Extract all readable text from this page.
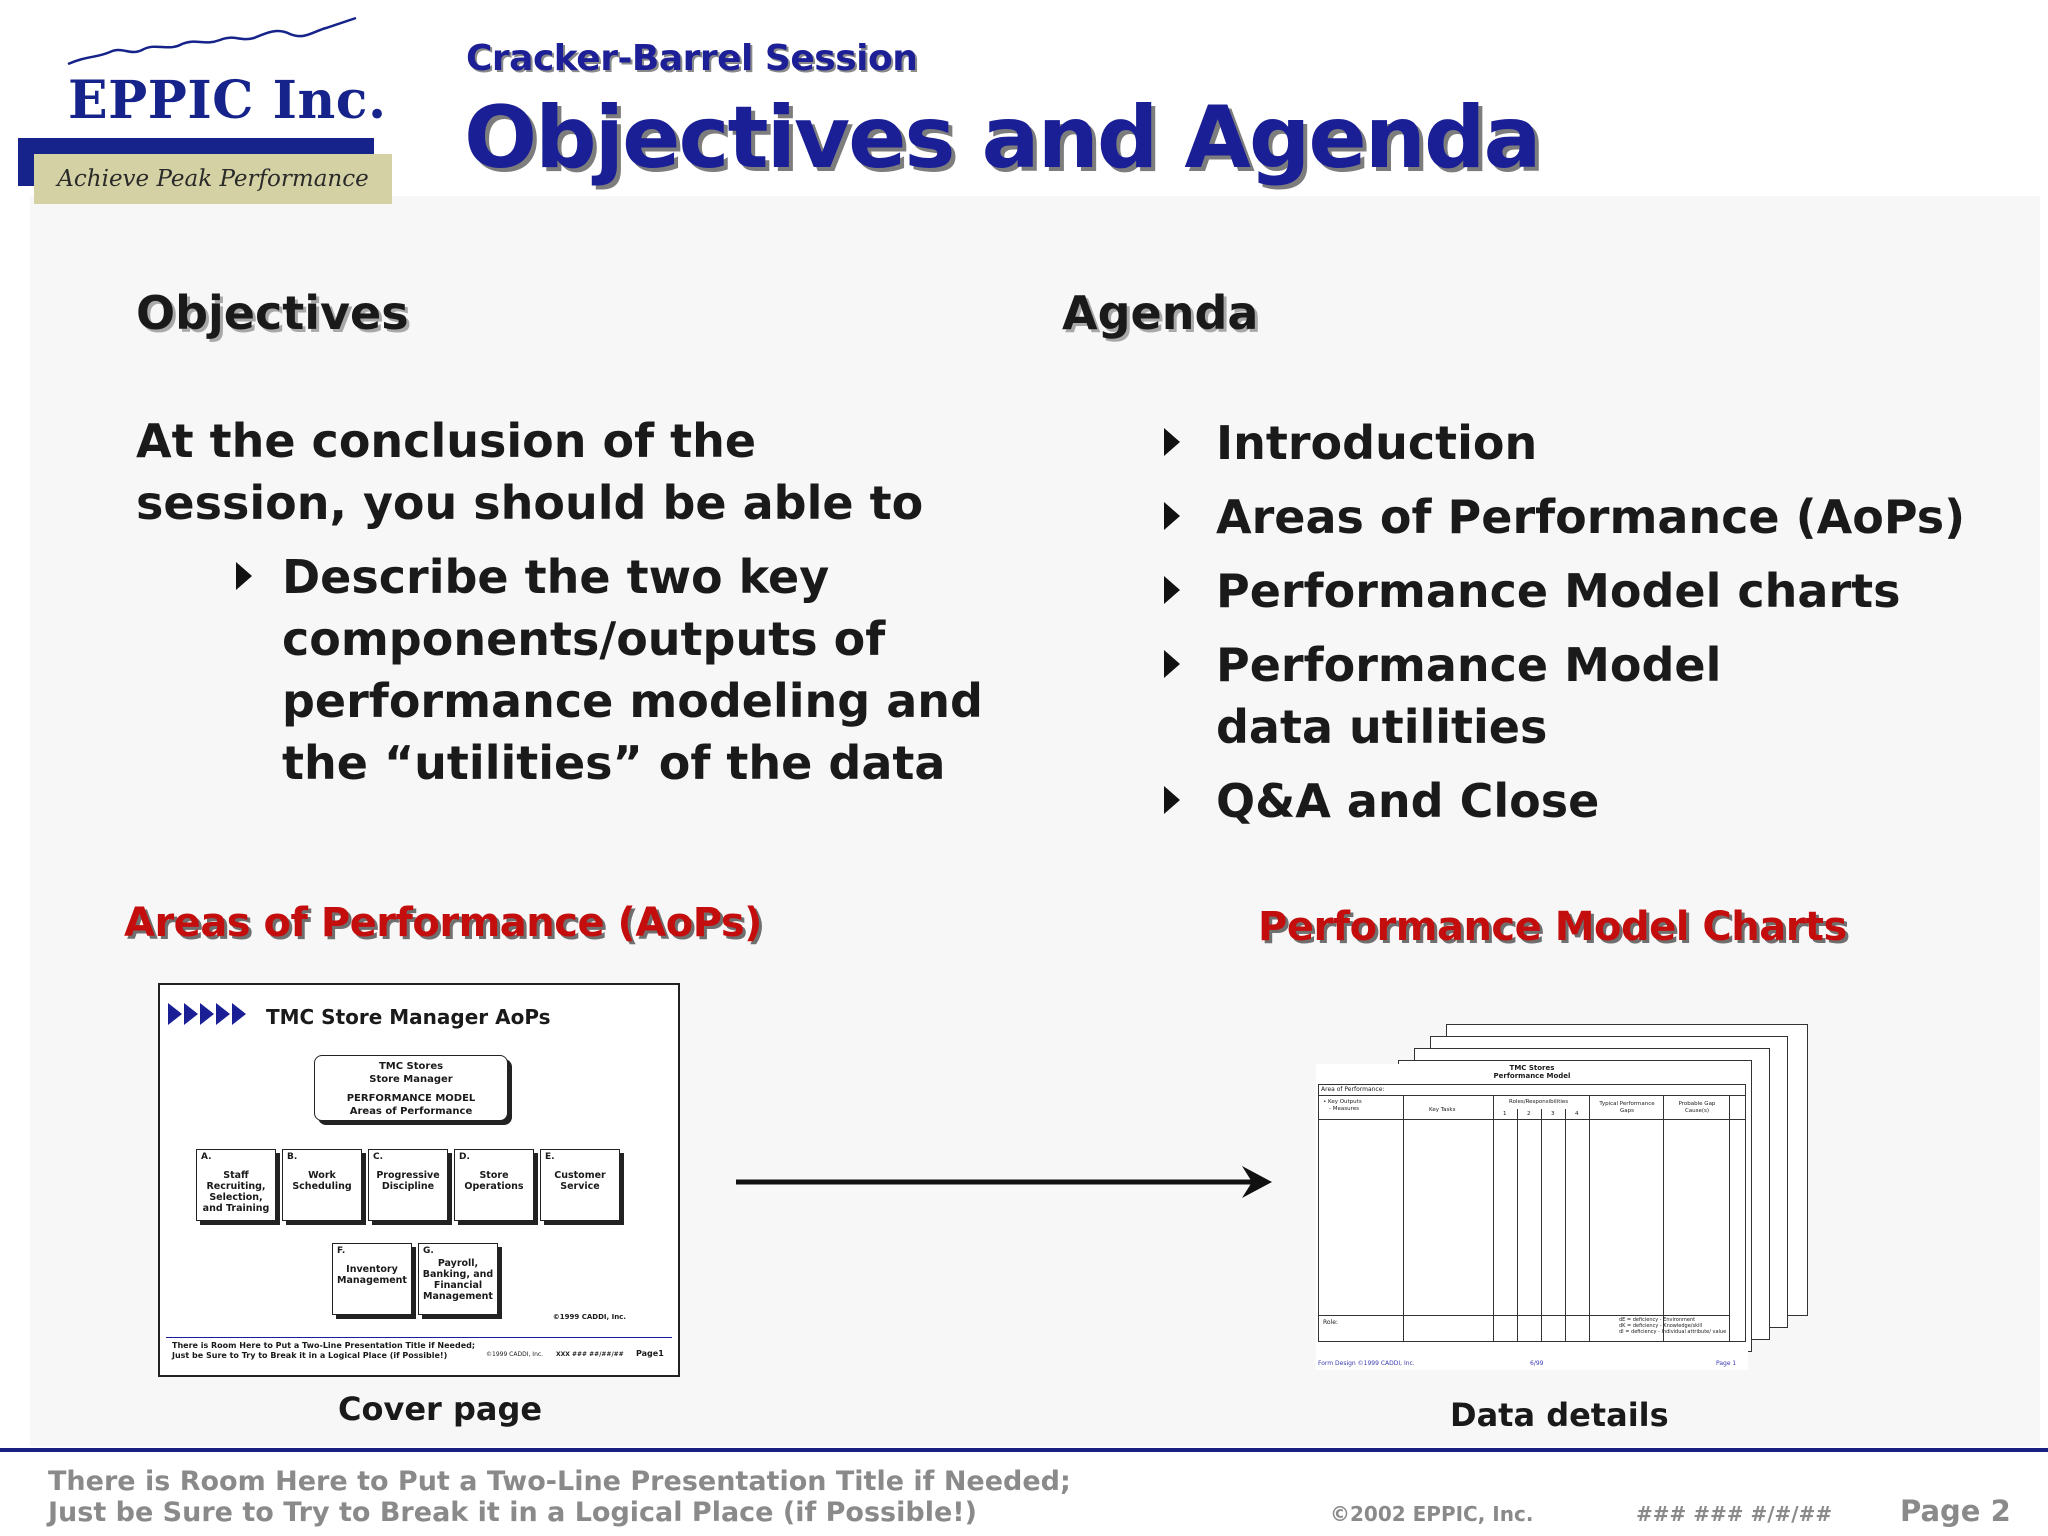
EPPIC Inc.
Achieve Peak Performance
Cracker-Barrel Session
Objectives and Agenda
Objectives
At the conclusion of the session, you should be able to
Describe the two key components/outputs of performance modeling and the “utilities” of the data
Agenda
Introduction
Areas of Performance (AoPs)
Performance Model charts
Performance Model data utilities
Q&A and Close
Areas of Performance (AoPs)	Performance Model Charts
TMC Store Manager AoPs
TMC Stores
Store Manager
PERFORMANCE MODEL
Areas of Performance
A.
Staff Recruiting, Selection, and Training
B.
Work Scheduling
C.
Progressive Discipline
D.
Store Operations
E.
Customer Service
F.
Inventory Management
G.
Payroll, Banking, and Financial Management
©1999 CADDI, Inc.
There is Room Here to Put a Two-Line Presentation Title if Needed;
Just be Sure to Try to Break it in a Logical Place (if Possible!)	©1999 CADDI, Inc. XXX ### ##/##/## Page1
Cover page
TMC Stores
Performance Model
Area of Performance:
• Key Outputs
- Measures	Key Tasks
Roles/Responsibilities
1	2	3	4
Typical Performance Gaps
Probable Gap Cause(s)
Role:	dE = deficiency - Environment
dK = deficiency - Knowledge/skill
dI = deficiency - Individual attribute/ value
Form Design ©1999 CADDI, Inc.	6/99	Page 1
Data details
There is Room Here to Put a Two-Line Presentation Title if Needed;
Just be Sure to Try to Break it in a Logical Place (if Possible!)	©2002 EPPIC, Inc.	### ### #/#/## Page 2
